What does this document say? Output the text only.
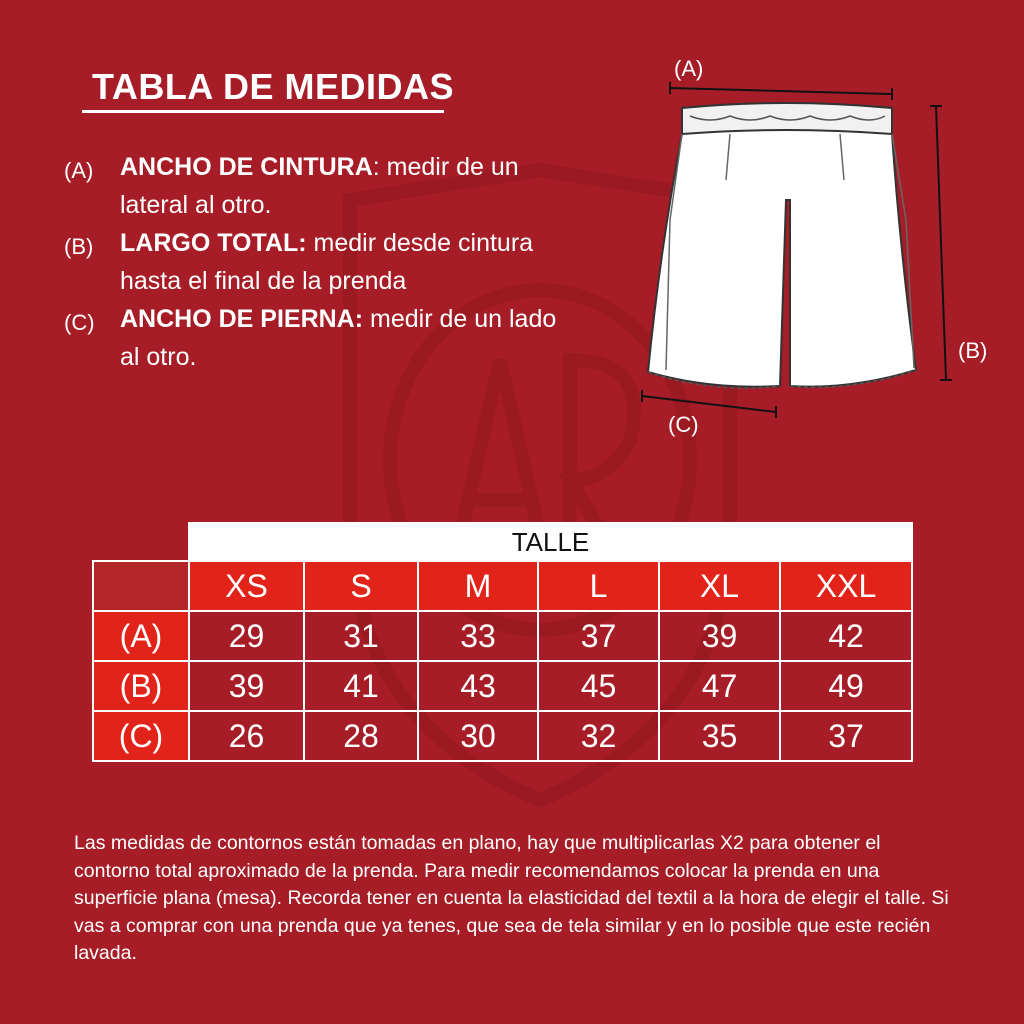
TABLA DE MEDIDAS
(A) ANCHO DE CINTURA: medir de un lateral al otro.
(B) LARGO TOTAL: medir desde cintura hasta el final de la prenda
(C) ANCHO DE PIERNA: medir de un lado al otro.
(A)
(B)
(C)
	TALLE					
	XS	S	M	L	XL	XXL
(A)	29	31	33	37	39	42
(B)	39	41	43	45	47	49
(C)	26	28	30	32	35	37
Las medidas de contornos están tomadas en plano, hay que multiplicarlas X2 para obtener el contorno total aproximado de la prenda. Para medir recomendamos colocar la prenda en una superficie plana (mesa). Recorda tener en cuenta la elasticidad del textil a la hora de elegir el talle. Si vas a comprar con una prenda que ya tenes, que sea de tela similar y en lo posible que este recién lavada.
